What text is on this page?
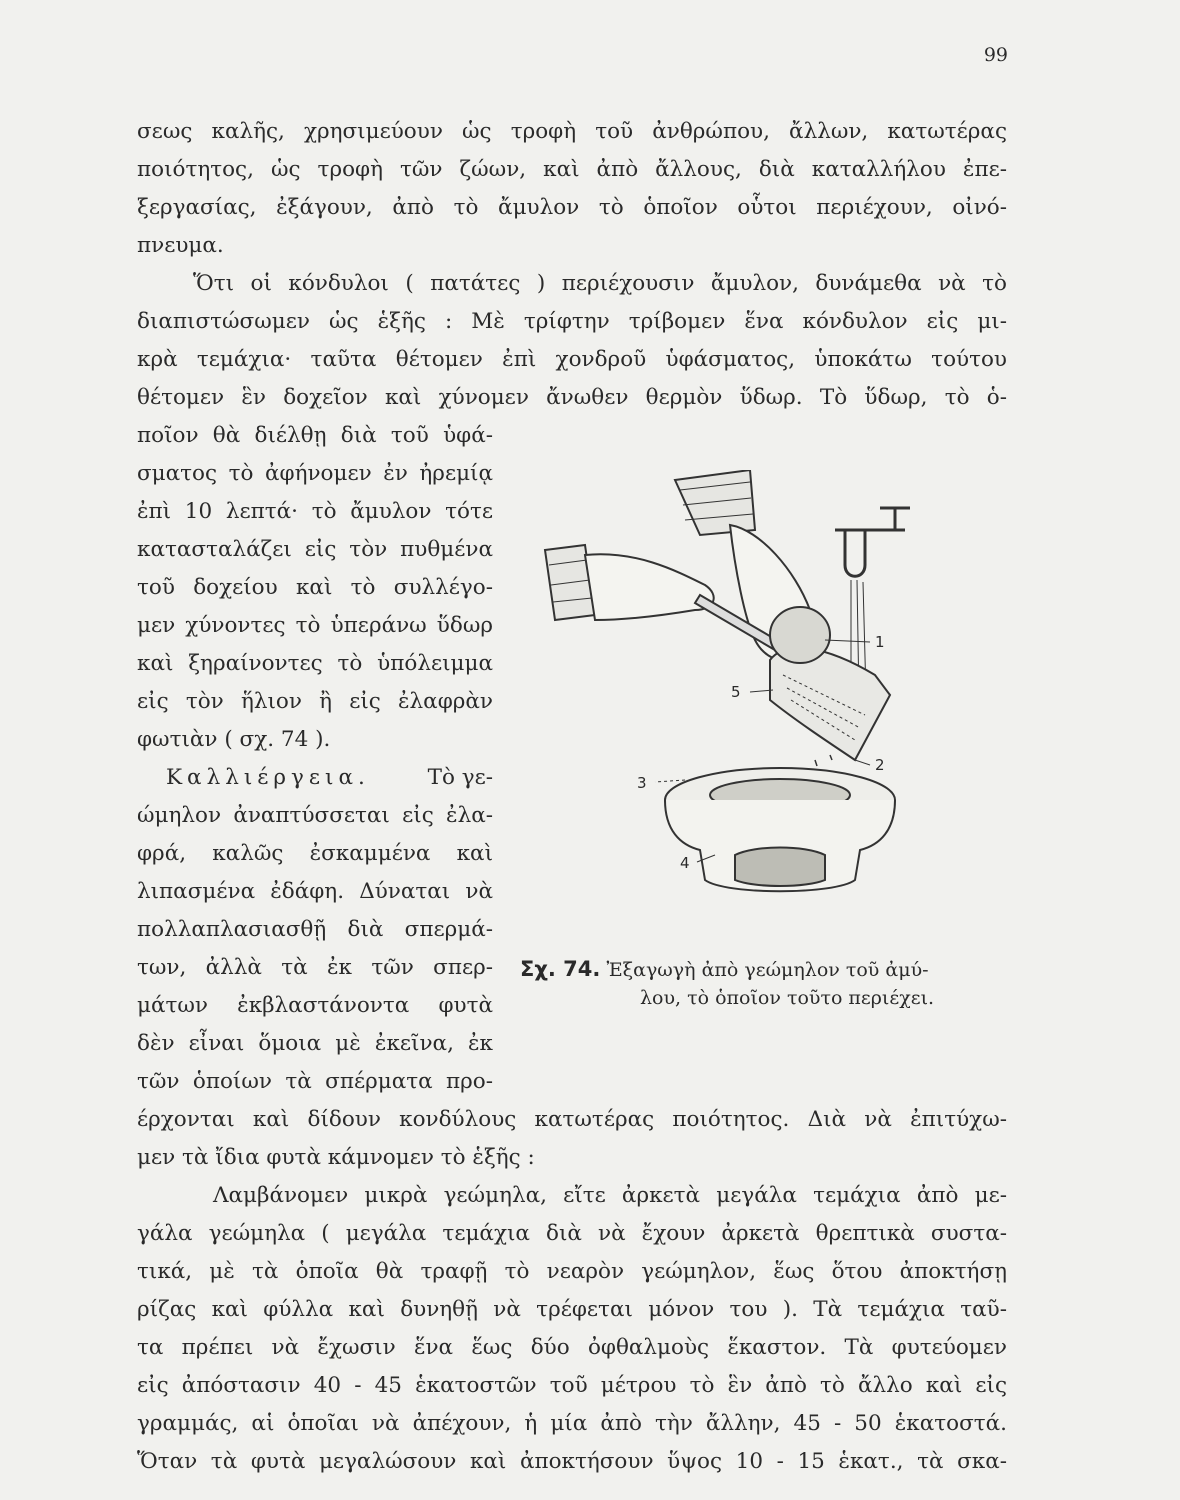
99
σεως καλῆς, χρησιμεύουν ὡς τροφὴ τοῦ ἀνθρώπου, ἄλλων, κατωτέρας
ποιότητος, ὡς τροφὴ τῶν ζώων, καὶ ἀπὸ ἄλλους, διὰ καταλλήλου ἐπε-
ξεργασίας, ἐξάγουν, ἀπὸ τὸ ἄμυλον τὸ ὁποῖον οὗτοι περιέχουν, οἰνό-
πνευμα.
Ὅτι οἱ κόνδυλοι ( πατάτες ) περιέχουσιν ἄμυλον, δυνάμεθα νὰ τὸ
διαπιστώσωμεν ὡς ἑξῆς : Μὲ τρίφτην τρίβομεν ἕνα κόνδυλον εἰς μι-
κρὰ τεμάχια· ταῦτα θέτομεν ἐπὶ χονδροῦ ὑφάσματος, ὑποκάτω τούτου
θέτομεν ἓν δοχεῖον καὶ χύνομεν ἄνωθεν θερμὸν ὕδωρ. Τὸ ὕδωρ, τὸ ὁ-
ποῖον θὰ διέλθῃ διὰ τοῦ ὑφά-
σματος τὸ ἀφήνομεν ἐν ἠρεμίᾳ
ἐπὶ 10 λεπτά· τὸ ἄμυλον τότε
κατασταλάζει εἰς τὸν πυθμένα
τοῦ δοχείου καὶ τὸ συλλέγο-
μεν χύνοντες τὸ ὑπεράνω ὕδωρ
καὶ ξηραίνοντες τὸ ὑπόλειμμα
εἰς τὸν ἥλιον ἢ εἰς ἐλαφρὰν
φωτιὰν ( σχ. 74 ).
Καλλιέργεια.	Τὸ γε-
ώμηλον ἀναπτύσσεται εἰς ἐλα-
φρά, καλῶς ἐσκαμμένα καὶ
λιπασμένα ἐδάφη. Δύναται νὰ
πολλαπλασιασθῇ διὰ σπερμά-
των, ἀλλὰ τὰ ἐκ τῶν σπερ-
μάτων ἐκβλαστάνοντα φυτὰ
δὲν εἶναι ὅμοια μὲ ἐκεῖνα, ἐκ
τῶν ὁποίων τὰ σπέρματα προ-
έρχονται καὶ δίδουν κονδύλους κατωτέρας ποιότητος. Διὰ νὰ ἐπιτύχω-
μεν τὰ ἴδια φυτὰ κάμνομεν τὸ ἑξῆς :
Λαμβάνομεν μικρὰ γεώμηλα, εἴτε ἀρκετὰ μεγάλα τεμάχια ἀπὸ με-
γάλα γεώμηλα ( μεγάλα τεμάχια διὰ νὰ ἔχουν ἀρκετὰ θρεπτικὰ συστα-
τικά, μὲ τὰ ὁποῖα θὰ τραφῇ τὸ νεαρὸν γεώμηλον, ἕως ὅτου ἀποκτήσῃ
ρίζας καὶ φύλλα καὶ δυνηθῇ νὰ τρέφεται μόνον του ). Τὰ τεμάχια ταῦ-
τα πρέπει νὰ ἔχωσιν ἕνα ἕως δύο ὀφθαλμοὺς ἕκαστον. Τὰ φυτεύομεν
εἰς ἀπόστασιν 40 - 45 ἑκατοστῶν τοῦ μέτρου τὸ ἓν ἀπὸ τὸ ἄλλο καὶ εἰς
γραμμάς, αἱ ὁποῖαι νὰ ἀπέχουν, ἡ μία ἀπὸ τὴν ἄλλην, 45 - 50 ἑκατοστά.
Ὅταν τὰ φυτὰ μεγαλώσουν καὶ ἀποκτήσουν ὕψος 10 - 15 ἑκατ., τὰ σκα-
1
2
3
4
5
Σχ. 74. Ἐξαγωγὴ ἀπὸ γεώμηλον τοῦ ἀμύ-
λου, τὸ ὁποῖον τοῦτο περιέχει.
